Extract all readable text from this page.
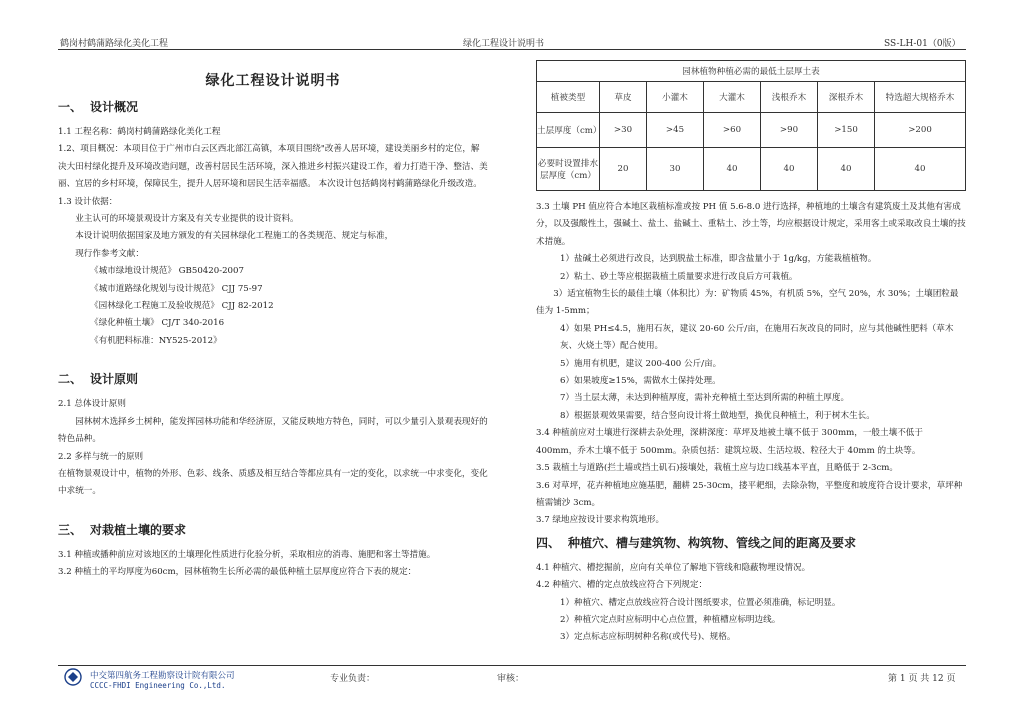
鹤岗村鹤蒲路绿化美化工程	绿化工程设计说明书	SS-LH-01（0版）
绿化工程设计说明书
一、 设计概况

1.1 工程名称：鹤岗村鹤蒲路绿化美化工程

1.2、项目概况：本项目位于广州市白云区西北部江高镇，本项目围绕"改善人居环境，建设美丽乡村的定位，解决大田村绿化提升及环境改造问题，改善村居民生活环境，深入推进乡村振兴建设工作，着力打造干净、整洁、美丽、宜居的乡村环境，保障民生，提升人居环境和居民生活幸福感。 本次设计包括鹤岗村鹤蒲路绿化升级改造。

1.3 设计依据：

业主认可的环境景观设计方案及有关专业提供的设计资料。

本设计说明依据国家及地方颁发的有关园林绿化工程施工的各类规范、规定与标准，

现行作参考文献：

《城市绿地设计规范》 GB50420-2007
《城市道路绿化规划与设计规范》 CJJ 75-97
《园林绿化工程施工及验收规范》 CJJ 82-2012
《绿化种植土壤》 CJ/T 340-2016
《有机肥料标准：NY525-2012》
二、 设计原则

2.1 总体设计原则

园林树木选择乡土树种，能发挥园林功能和华经济原，又能反映地方特色，同时，可以少量引入景观表现好的特色品种。

2.2 多样与统一的原则

在植物景观设计中，植物的外形、色彩、线条、质感及相互结合等都应具有一定的变化，以求统一中求变化，变化中求统一。

三、 对栽植土壤的要求

3.1 种植或播种前应对该地区的土壤理化性质进行化验分析，采取相应的消毒、施肥和客土等措施。

3.2 种植土的平均厚度为60cm，园林植物生长所必需的最低种植土层厚度应符合下表的规定：

园林植物种植必需的最低土层厚土表						
植被类型	草皮	小灌木	大灌木	浅根乔木	深根乔木	特选超大规格乔木
土层厚度（cm）	>30	>45	>60	>90	>150	>200
必要时设置排水层厚度（cm）	20	30	40	40	40	40

3.3 土壤 PH 值应符合本地区栽植标准或按 PH 值 5.6-8.0 进行选择，种植地的土壤含有建筑废土及其他有害成分，以及强酸性土，强碱土、盐土、盐碱土、重粘土、沙土等，均应根据设计规定，采用客土或采取改良土壤的技术措施。

1）盐碱土必须进行改良，达到脱盐土标准，即含盐量小于 1g/kg，方能栽植植物。

2）粘土、砂土等应根据栽植土质量要求进行改良后方可栽植。

3）适宜植物生长的最佳土壤（体积比）为：矿物质 45%，有机质 5%，空气 20%，水 30%；土壤团粒最佳为 1-5mm；

4）如果 PH≤4.5，施用石灰，建议 20-60 公斤/亩，在施用石灰改良的同时，应与其他碱性肥料（草木灰、火烧土等）配合使用。

5）施用有机肥，建议 200-400 公斤/亩。

6）如果坡度≥15%，需做水土保持处理。

7）当土层太薄，未达到种植厚度，需补充种植土至达到所需的种植土厚度。

8）根据景观效果需要，结合竖向设计将土做地型，换优良种植土，利于树木生长。

3.4 种植前应对土壤进行深耕去杂处理，深耕深度：草坪及地被土壤不低于 300mm，一般土壤不低于 400mm，乔木土壤不低于 500mm。杂质包括：建筑垃圾、生活垃圾、粒径大于 40mm 的土块等。

3.5 栽植土与道路(拦土墙或挡土矶石)接壤处，栽植土应与边口线基本平直，且略低于 2-3cm。

3.6 对草坪，花卉种植地应施基肥，翻耕 25-30cm，搂平耙细，去除杂物，平整度和坡度符合设计要求，草坪种植需铺沙 3cm。

3.7 绿地应按设计要求构筑地形。

四、 种植穴、槽与建筑物、构筑物、管线之间的距离及要求

4.1 种植穴、槽挖掘前，应向有关单位了解地下管线和隐蔽物埋设情况。

4.2 种植穴、槽的定点放线应符合下列规定：

1）种植穴、槽定点放线应符合设计图纸要求，位置必须准确，标记明显。

2）种植穴定点时应标明中心点位置，种植槽应标明边线。

3）定点标志应标明树种名称(或代号)、规格。

中交第四航务工程勘察设计院有限公司
CCCC-FHDI Engineering Co.,Ltd.
专业负责：	审核：	第 1 页 共 12 页
